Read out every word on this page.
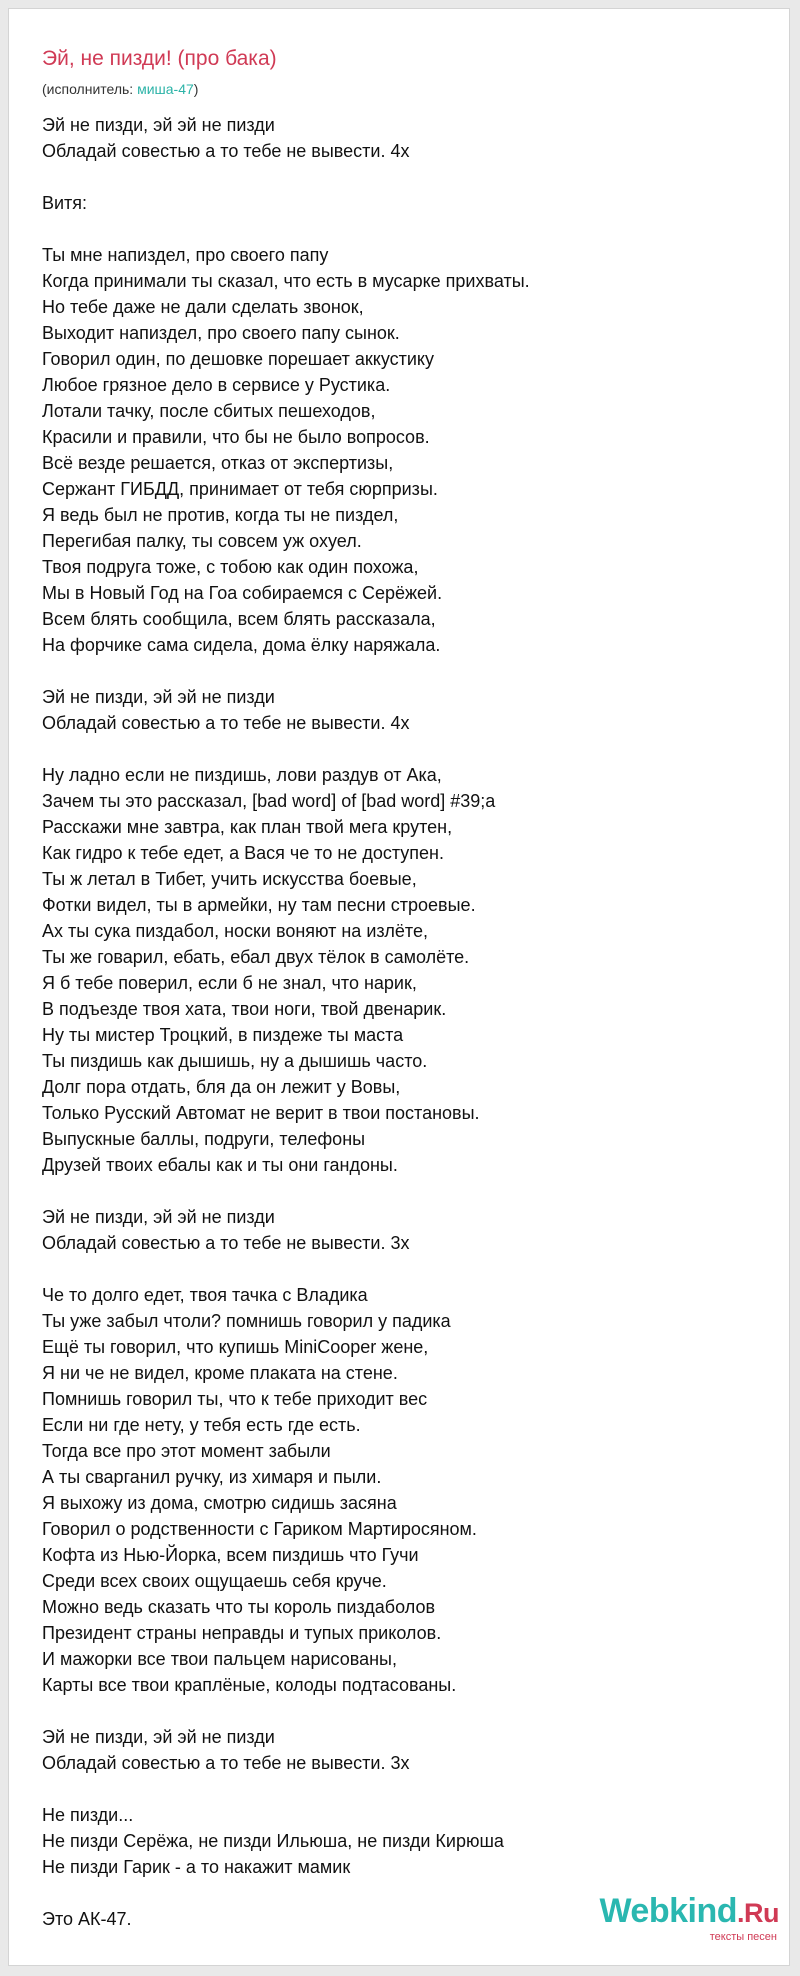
Эй, не пизди! (про бака)
(исполнитель: миша-47)
Эй не пизди, эй эй не пизди
Обладай совестью а то тебе не вывести. 4x
Витя:
Ты мне напиздел, про своего папу
Когда принимали ты сказал, что есть в мусарке прихваты.
Но тебе даже не дали сделать звонок,
Выходит напиздел, про своего папу сынок.
Говорил один, по дешовке порешает аккустику
Любое грязное дело в сервисе у Рустика.
Лотали тачку, после сбитых пешеходов,
Красили и правили, что бы не было вопросов.
Всё везде решается, отказ от экспертизы,
Сержант ГИБДД, принимает от тебя сюрпризы.
Я ведь был не против, когда ты не пиздел,
Перегибая палку, ты совсем уж охуел.
Твоя подруга тоже, с тобою как один похожа,
Мы в Новый Год на Гоа собираемся с Серёжей.
Всем блять сообщила, всем блять рассказала,
На форчике сама сидела, дома ёлку наряжала.
Эй не пизди, эй эй не пизди
Обладай совестью а то тебе не вывести. 4x
Ну ладно если не пиздишь, лови раздув от Ака,
Зачем ты это рассказал, [bad word] of [bad word] #39;a
Расскажи мне завтра, как план твой мега крутен,
Как гидро к тебе едет, а Вася че то не доступен.
Ты ж летал в Тибет, учить искусства боевые,
Фотки видел, ты в армейки, ну там песни строевые.
Ах ты сука пиздабол, носки воняют на излёте,
Ты же говарил, ебать, ебал двух тёлок в самолёте.
Я б тебе поверил, если б не знал, что нарик,
В подъезде твоя хата, твои ноги, твой двенарик.
Ну ты мистер Троцкий, в пиздеже ты маста
Ты пиздишь как дышишь, ну а дышишь часто.
Долг пора отдать, бля да он лежит у Вовы,
Только Русский Автомат не верит в твои постановы.
Выпускные баллы, подруги, телефоны
Друзей твоих ебалы как и ты они гандоны.
Эй не пизди, эй эй не пизди
Обладай совестью а то тебе не вывести. 3x
Че то долго едет, твоя тачка с Владика
Ты уже забыл чтоли? помнишь говорил у падика
Ещё ты говорил, что купишь MiniCooper жене,
Я ни че не видел, кроме плаката на стене.
Помнишь говорил ты, что к тебе приходит вес
Если ни где нету, у тебя есть где есть.
Тогда все про этот момент забыли
А ты сварганил ручку, из химаря и пыли.
Я выхожу из дома, смотрю сидишь засяна
Говорил о родственности с Гариком Мартиросяном.
Кофта из Нью-Йорка, всем пиздишь что Гучи
Среди всех своих ощущаешь себя круче.
Можно ведь сказать что ты король пиздаболов
Президент страны неправды и тупых приколов.
И мажорки все твои пальцем нарисованы,
Карты все твои краплёные, колоды подтасованы.
Эй не пизди, эй эй не пизди
Обладай совестью а то тебе не вывести. 3x
Не пизди...
Не пизди Серёжа, не пизди Ильюша, не пизди Кирюша
Не пизди Гарик - а то накажит мамик
Это АК-47.	Webkind.Ru
тексты песен
